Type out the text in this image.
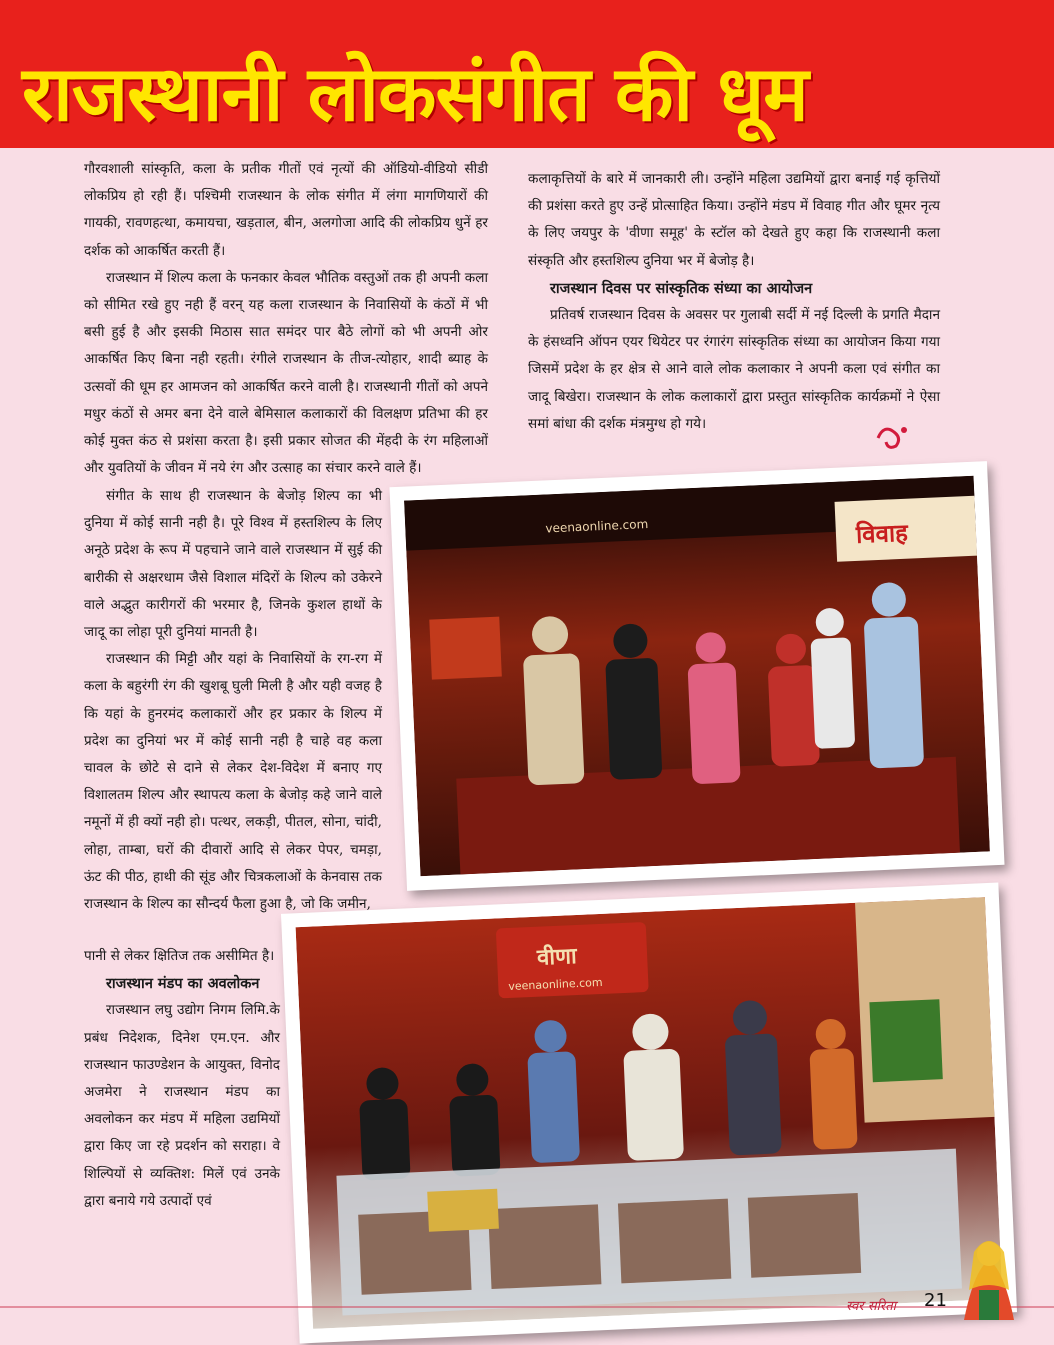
राजस्थानी लोकसंगीत की धूम

गौरवशाली सांस्कृति, कला के प्रतीक गीतों एवं नृत्यों की ऑडियो-वीडियो सीडी लोकप्रिय हो रही हैं। पश्चिमी राजस्थान के लोक संगीत में लंगा मागणियारों की गायकी, रावणहत्था, कमायचा, खड़ताल, बीन, अलगोजा आदि की लोकप्रिय धुनें हर दर्शक को आकर्षित करती हैं।

राजस्थान में शिल्प कला के फनकार केवल भौतिक वस्तुओं तक ही अपनी कला को सीमित रखे हुए नही हैं वरन् यह कला राजस्थान के निवासियों के कंठों में भी बसी हुई है और इसकी मिठास सात समंदर पार बैठे लोगों को भी अपनी ओर आकर्षित किए बिना नही रहती। रंगीले राजस्थान के तीज-त्योहार, शादी ब्याह के उत्सवों की धूम हर आमजन को आकर्षित करने वाली है। राजस्थानी गीतों को अपने मधुर कंठों से अमर बना देने वाले बेमिसाल कलाकारों की विलक्षण प्रतिभा की हर कोई मुक्त कंठ से प्रशंसा करता है। इसी प्रकार सोजत की मेंहदी के रंग महिलाओं और युवतियों के जीवन में नये रंग और उत्साह का संचार करने वाले हैं।

संगीत के साथ ही राजस्थान के बेजोड़ शिल्प का भी दुनिया में कोई सानी नही है। पूरे विश्व में हस्तशिल्प के लिए अनूठे प्रदेश के रूप में पहचाने जाने वाले राजस्थान में सुई की बारीकी से अक्षरधाम जैसे विशाल मंदिरों के शिल्प को उकेरने वाले अद्भुत कारीगरों की भरमार है, जिनके कुशल हाथों के जादू का लोहा पूरी दुनियां मानती है।

राजस्थान की मिट्टी और यहां के निवासियों के रग-रग में कला के बहुरंगी रंग की खुशबू घुली मिली है और यही वजह है कि यहां के हुनरमंद कलाकारों और हर प्रकार के शिल्प में प्रदेश का दुनियां भर में कोई सानी नही है चाहे वह कला चावल के छोटे से दाने से लेकर देश-विदेश में बनाए गए विशालतम शिल्प और स्थापत्य कला के बेजोड़ कहे जाने वाले नमूनों में ही क्यों नही हो। पत्थर, लकड़ी, पीतल, सोना, चांदी, लोहा, ताम्बा, घरों की दीवारों आदि से लेकर पेपर, चमड़ा, ऊंट की पीठ, हाथी की सूंड और चित्रकलाओं के केनवास तक राजस्थान के शिल्प का सौन्दर्य फैला हुआ है, जो कि जमीन,

पानी से लेकर क्षितिज तक असीमित है।

राजस्थान मंडप का अवलोकन

राजस्थान लघु उद्योग निगम लिमि.के प्रबंध निदेशक, दिनेश एम.एन. और राजस्थान फाउण्डेशन के आयुक्त, विनोद अजमेरा ने राजस्थान मंडप का अवलोकन कर मंडप में महिला उद्यमियों द्वारा किए जा रहे प्रदर्शन को सराहा। वे शिल्पियों से व्यक्तिश: मिलें एवं उनके द्वारा बनाये गये उत्पादों एवं

कलाकृत्तियों के बारे में जानकारी ली। उन्होंने महिला उद्यमियों द्वारा बनाई गई कृत्तियों की प्रशंसा करते हुए उन्हें प्रोत्साहित किया। उन्होंने मंडप में विवाह गीत और घूमर नृत्य के लिए जयपुर के 'वीणा समूह' के स्टॉल को देखते हुए कहा कि राजस्थानी कला संस्कृति और हस्तशिल्प दुनिया भर में बेजोड़ है।

राजस्थान दिवस पर सांस्कृतिक संध्या का आयोजन

प्रतिवर्ष राजस्थान दिवस के अवसर पर गुलाबी सर्दी में नई दिल्ली के प्रगति मैदान के हंसध्वनि ऑपन एयर थियेटर पर रंगारंग सांस्कृतिक संध्या का आयोजन किया गया जिसमें प्रदेश के हर क्षेत्र से आने वाले लोक कलाकार ने अपनी कला एवं संगीत का जादू बिखेरा। राजस्थान के लोक कलाकारों द्वारा प्रस्तुत सांस्कृतिक कार्यक्रमों ने ऐसा समां बांधा की दर्शक मंत्रमुग्ध हो गये।

विवाह
veenaonline.com
वीणा
veenaonline.com
स्वर सरिता 21
